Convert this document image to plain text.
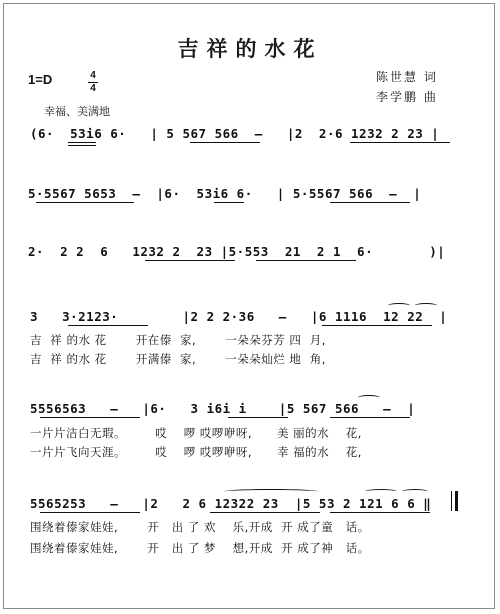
吉祥的水花
1=D	4
4
幸福、美满地
陈世慧 词
李学鹏 曲
(6·  53i6 6·   | 5 567 566  –   |2  2·6 1232 2 23 |
5·5567 5653  –  |6·  53i6 6·   | 5·5567 566  –  |
2·  2 2  6   1232 2  23 |5·553  21  2 1  6·       )|
3   3·2123·        |2 2 2·36   –   |6 1116  12 22  |
吉  祥 的水 花       开在傣  家,       一朵朵芬芳 四  月,
吉  祥 的水 花       开满傣  家,       一朵朵灿烂 地  角,
5556563   –   |6·   3 i6i i    |5 567 566   –  |
一片片洁白无瑕。       哎    啰 哎啰咿呀,      美 丽的水    花,
一片片飞向天涯。       哎    啰 哎啰咿呀,      幸 福的水    花,
5565253   –   |2   2 6 12322 23  |5 53 2 121 6 6 ‖
围绕着傣家娃娃,       开   出 了 欢    乐,开成  开 成了童   话。
围绕着傣家娃娃,       开   出 了 梦    想,开成  开 成了神   话。
